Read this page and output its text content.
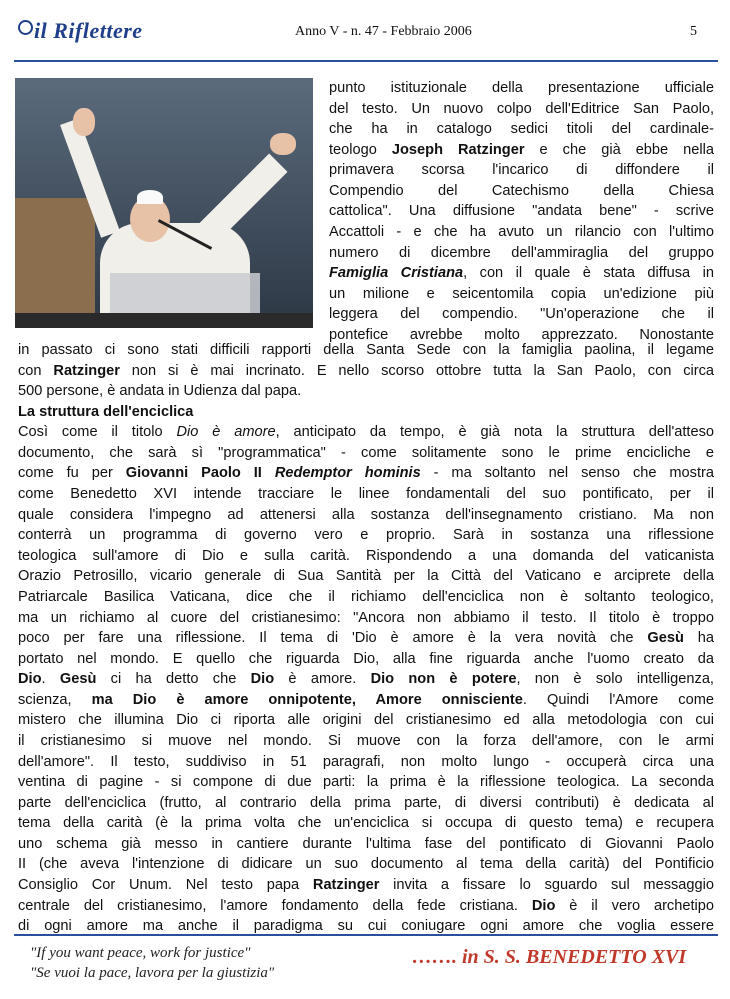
il Riflettere	Anno V - n. 47 - Febbraio 2006	5
punto istituzionale della presentazione ufficiale
del testo. Un nuovo colpo dell'Editrice San Paolo,
che ha in catalogo sedici titoli del cardinale-
teologo Joseph Ratzinger e che già ebbe nella
primavera scorsa l'incarico di diffondere il
Compendio del Catechismo della Chiesa
cattolica". Una diffusione "andata bene" - scrive
Accattoli - e che ha avuto un rilancio con l'ultimo
numero di dicembre dell'ammiraglia del gruppo
Famiglia Cristiana, con il quale è stata diffusa in
un milione e seicentomila copia un'edizione più
leggera del compendio. "Un'operazione che il
pontefice avrebbe molto apprezzato. Nonostante
in passato ci sono stati difficili rapporti della Santa Sede con la famiglia paolina, il legame
con Ratzinger non si è mai incrinato. E nello scorso ottobre tutta la San Paolo, con circa
500 persone, è andata in Udienza dal papa.
La struttura dell'enciclica
Così come il titolo Dio è amore, anticipato da tempo, è già nota la struttura dell'atteso
documento, che sarà sì "programmatica" - come solitamente sono le prime encicliche e
come fu per Giovanni Paolo II Redemptor hominis - ma soltanto nel senso che mostra
come Benedetto XVI intende tracciare le linee fondamentali del suo pontificato, per il
quale considera l'impegno ad attenersi alla sostanza dell'insegnamento cristiano. Ma non
conterrà un programma di governo vero e proprio. Sarà in sostanza una riflessione
teologica sull'amore di Dio e sulla carità. Rispondendo a una domanda del vaticanista
Orazio Petrosillo, vicario generale di Sua Santità per la Città del Vaticano e arciprete della
Patriarcale Basilica Vaticana, dice che il richiamo dell'enciclica non è soltanto teologico,
ma un richiamo al cuore del cristianesimo: "Ancora non abbiamo il testo. Il titolo è troppo
poco per fare una riflessione. Il tema di 'Dio è amore è la vera novità che Gesù ha
portato nel mondo. E quello che riguarda Dio, alla fine riguarda anche l'uomo creato da
Dio. Gesù ci ha detto che Dio è amore. Dio non è potere, non è solo intelligenza,
scienza, ma Dio è amore onnipotente, Amore onnisciente. Quindi l'Amore come
mistero che illumina Dio ci riporta alle origini del cristianesimo ed alla metodologia con cui
il cristianesimo si muove nel mondo. Si muove con la forza dell'amore, con le armi
dell'amore". Il testo, suddiviso in 51 paragrafi, non molto lungo - occuperà circa una
ventina di pagine - si compone di due parti: la prima è la riflessione teologica. La seconda
parte dell'enciclica (frutto, al contrario della prima parte, di diversi contributi) è dedicata al
tema della carità (è la prima volta che un'enciclica si occupa di questo tema) e recupera
uno schema già messo in cantiere durante l'ultima fase del pontificato di Giovanni Paolo
II (che aveva l'intenzione di didicare un suo documento al tema della carità) del Pontificio
Consiglio Cor Unum. Nel testo papa Ratzinger invita a fissare lo sguardo sul messaggio
centrale del cristianesimo, l'amore fondamento della fede cristiana. Dio è il vero archetipo
di ogni amore ma anche il paradigma su cui coniugare ogni amore che voglia essere
"If you want peace, work for justice"
"Se vuoi la pace, lavora per la giustizia"
……. in S. S. BENEDETTO XVI
